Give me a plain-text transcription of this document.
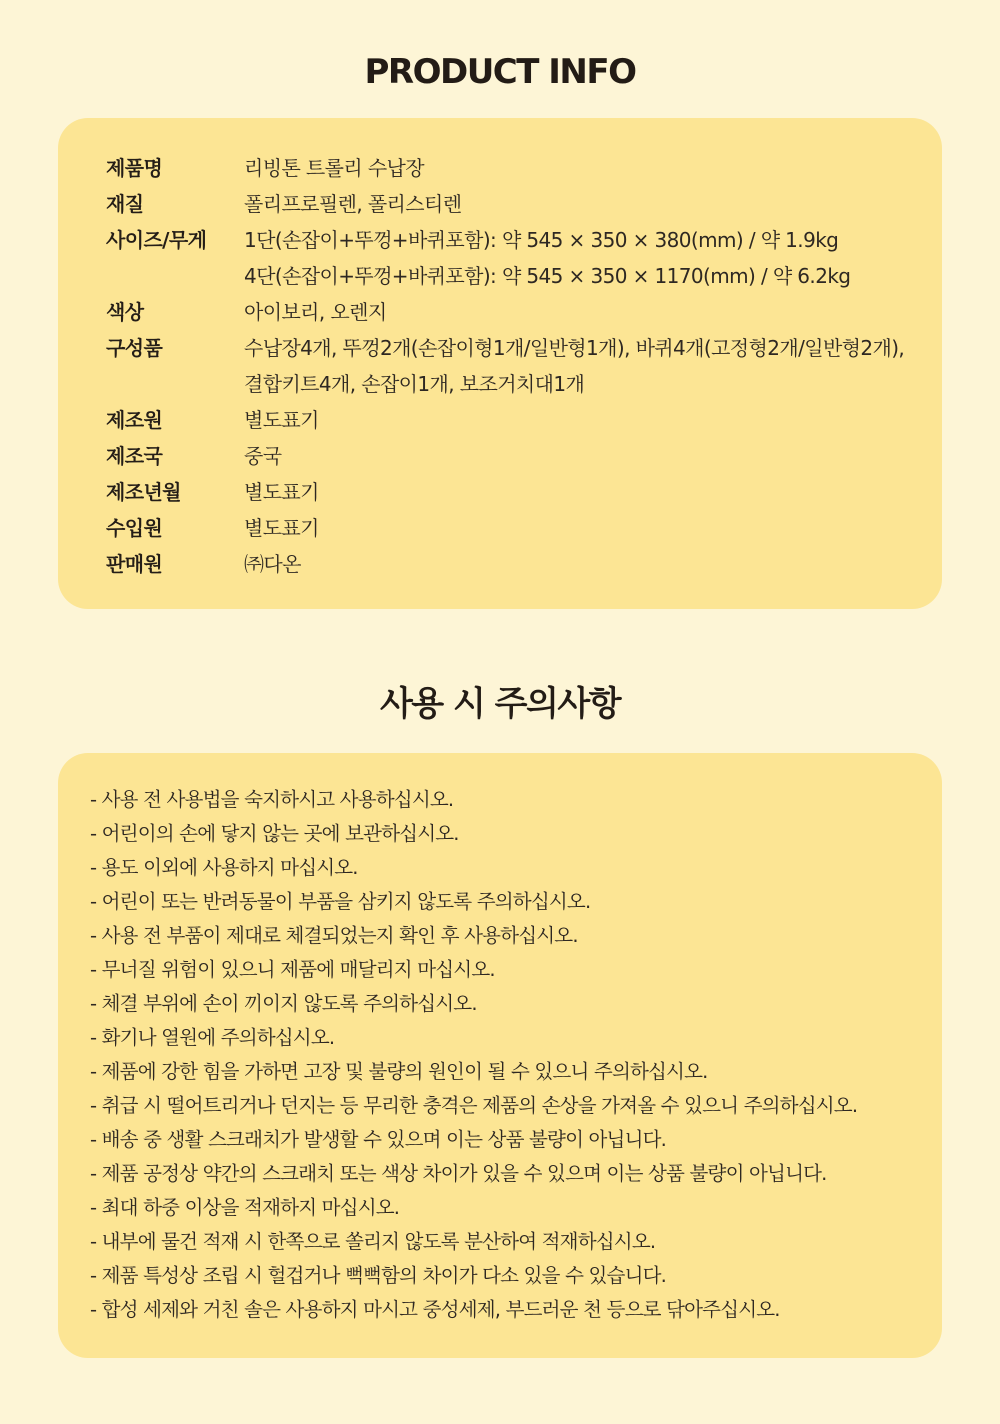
PRODUCT INFO
제품명	리빙톤 트롤리 수납장
재질	폴리프로필렌, 폴리스티렌
사이즈/무게	1단(손잡이+뚜껑+바퀴포함): 약 545 × 350 × 380(mm) / 약 1.9kg
4단(손잡이+뚜껑+바퀴포함): 약 545 × 350 × 1170(mm) / 약 6.2kg
색상	아이보리, 오렌지
구성품	수납장4개, 뚜껑2개(손잡이형1개/일반형1개), 바퀴4개(고정형2개/일반형2개),
결합키트4개, 손잡이1개, 보조거치대1개
제조원	별도표기
제조국	중국
제조년월	별도표기
수입원	별도표기
판매원	㈜다온
사용 시 주의사항
- 사용 전 사용법을 숙지하시고 사용하십시오.
- 어린이의 손에 닿지 않는 곳에 보관하십시오.
- 용도 이외에 사용하지 마십시오.
- 어린이 또는 반려동물이 부품을 삼키지 않도록 주의하십시오.
- 사용 전 부품이 제대로 체결되었는지 확인 후 사용하십시오.
- 무너질 위험이 있으니 제품에 매달리지 마십시오.
- 체결 부위에 손이 끼이지 않도록 주의하십시오.
- 화기나 열원에 주의하십시오.
- 제품에 강한 힘을 가하면 고장 및 불량의 원인이 될 수 있으니 주의하십시오.
- 취급 시 떨어트리거나 던지는 등 무리한 충격은 제품의 손상을 가져올 수 있으니 주의하십시오.
- 배송 중 생활 스크래치가 발생할 수 있으며 이는 상품 불량이 아닙니다.
- 제품 공정상 약간의 스크래치 또는 색상 차이가 있을 수 있으며 이는 상품 불량이 아닙니다.
- 최대 하중 이상을 적재하지 마십시오.
- 내부에 물건 적재 시 한쪽으로 쏠리지 않도록 분산하여 적재하십시오.
- 제품 특성상 조립 시 헐겁거나 뻑뻑함의 차이가 다소 있을 수 있습니다.
- 합성 세제와 거친 솔은 사용하지 마시고 중성세제, 부드러운 천 등으로 닦아주십시오.
